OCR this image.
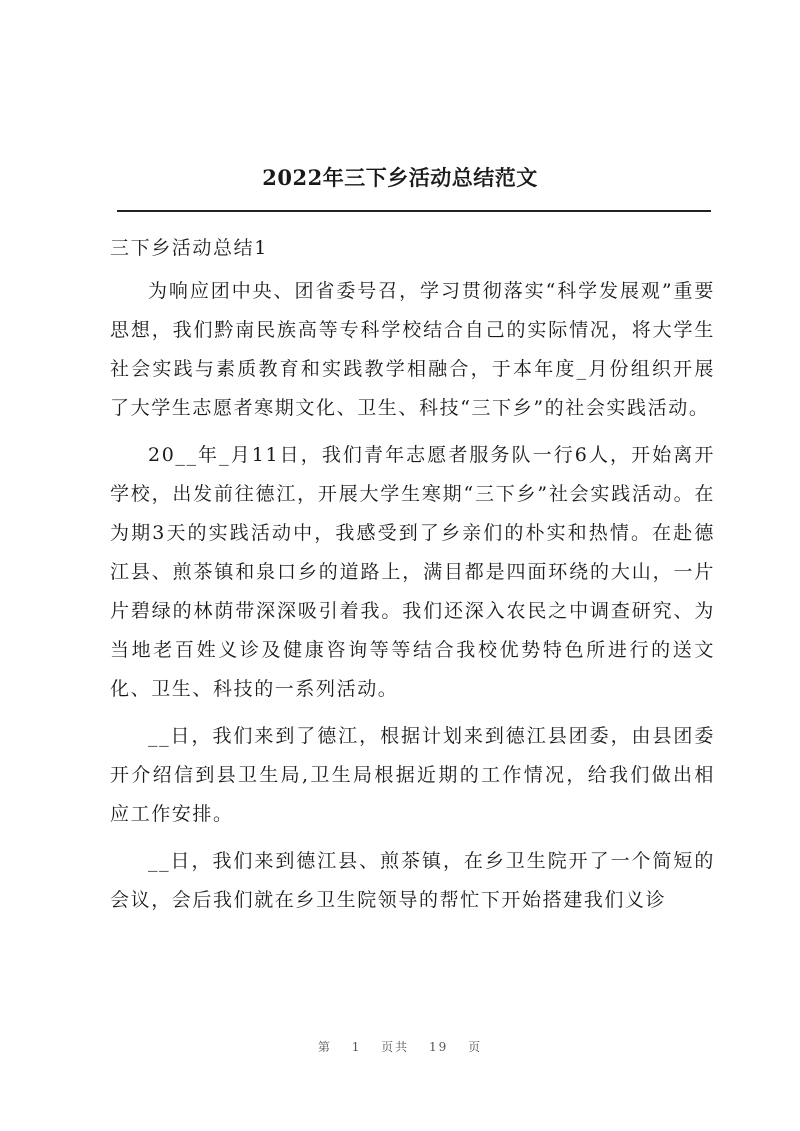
2022年三下乡活动总结范文
三下乡活动总结1

为响应团中央、团省委号召，学习贯彻落实“科学发展观”重要思想，我们黔南民族高等专科学校结合自己的实际情况，将大学生社会实践与素质教育和实践教学相融合，于本年度_月份组织开展了大学生志愿者寒期文化、卫生、科技“三下乡”的社会实践活动。

20__年_月11日，我们青年志愿者服务队一行6人，开始离开学校，出发前往德江，开展大学生寒期“三下乡”社会实践活动。在为期3天的实践活动中，我感受到了乡亲们的朴实和热情。在赴德江县、煎茶镇和泉口乡的道路上，满目都是四面环绕的大山，一片片碧绿的林荫带深深吸引着我。我们还深入农民之中调查研究、为当地老百姓义诊及健康咨询等等结合我校优势特色所进行的送文化、卫生、科技的一系列活动。

__日，我们来到了德江，根据计划来到德江县团委，由县团委开介绍信到县卫生局,卫生局根据近期的工作情况，给我们做出相应工作安排。

__日，我们来到德江县、煎茶镇，在乡卫生院开了一个简短的会议，会后我们就在乡卫生院领导的帮忙下开始搭建我们义诊

第 1 页共 19 页
